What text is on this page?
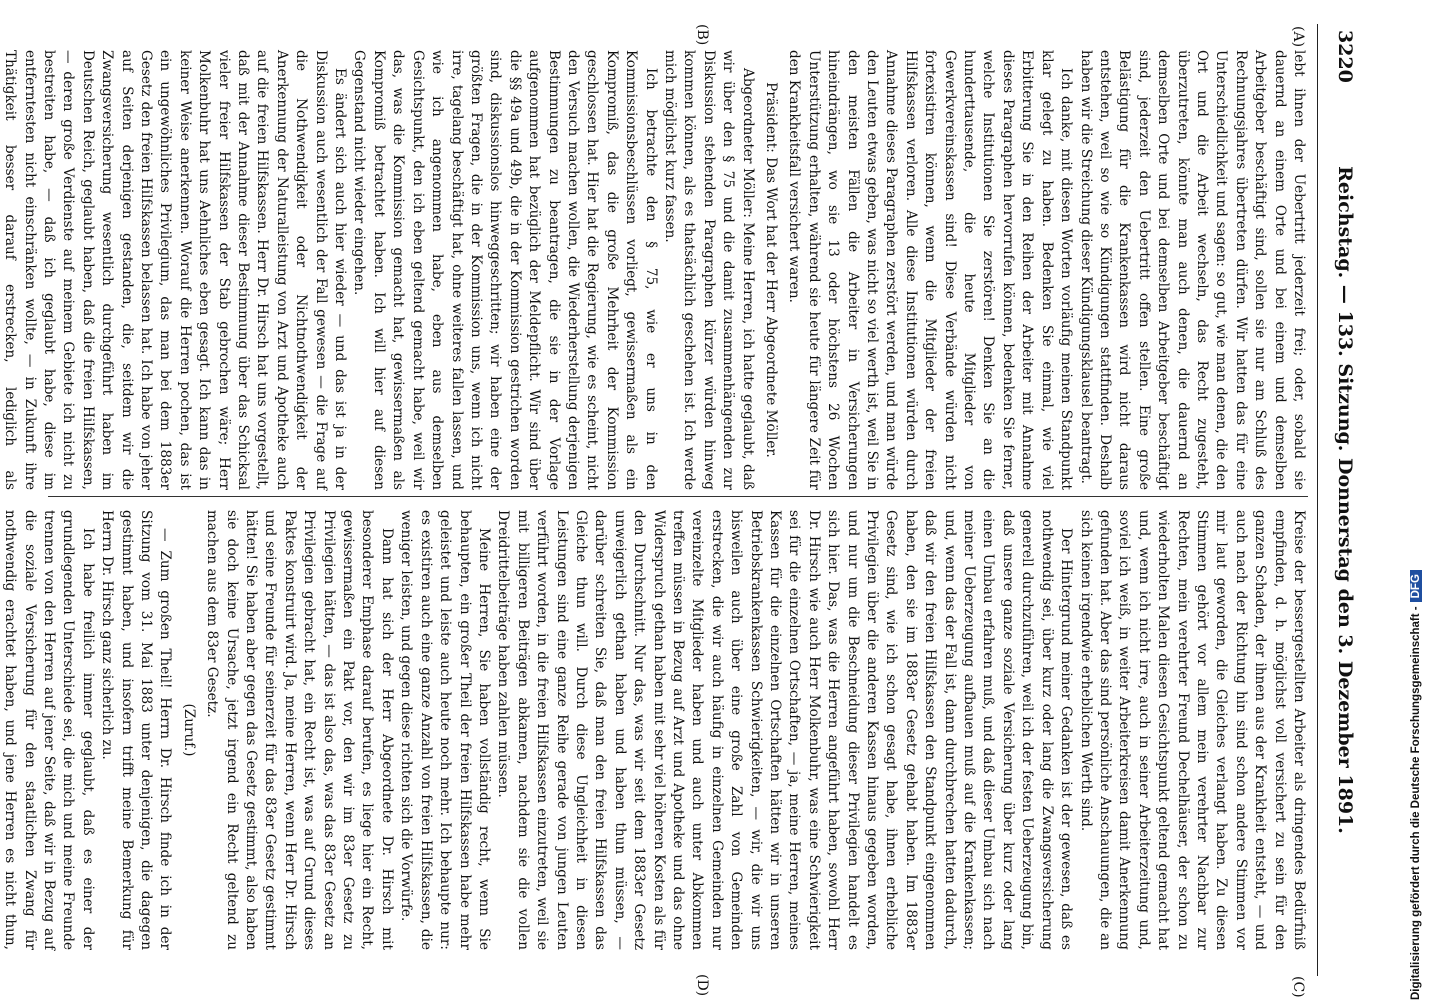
3220
Reichstag. — 133. Sitzung. Donnerstag den 3. Dezember 1891.
(A)
(B)
(C)
(D)

lebt ihnen der Uebertritt jederzeit frei; oder, sobald sie dauernd an einem Orte und bei einem und demselben Arbeitgeber beschäftigt sind, sollen sie nur am Schluß des Rechnungsjahres übertreten dürfen. Wir hatten das für eine Unterschiedlichkeit und sagen: so gut, wie man denen, die den Ort und die Arbeit wechseln, das Recht zugesteht, überzutreten, könnte man auch denen, die dauernd an demselben Orte und bei demselben Arbeitgeber beschäftigt sind, jederzeit den Uebertritt offen stellen. Eine große Belästigung für die Krankenkassen wird nicht daraus entstehen, weil so wie so Kündigungen stattfinden. Deshalb haben wir die Streichung dieser Kündigungsklausel beantragt.

Ich danke, mit diesen Worten vorläufig meinen Standpunkt klar gelegt zu haben. Bedenken Sie einmal, wie viel Erbitterung Sie in den Reihen der Arbeiter mit Annahme dieses Paragraphen hervorrufen können, bedenken Sie ferner, welche Institutionen Sie zerstören! Denken Sie an die hunderttausende, die heute Mitglieder von Gewerkvereinskassen sind! Diese Verbände würden nicht fortexistiren können, wenn die Mitglieder der freien Hilfskassen verloren. Alle diese Institutionen würden durch Annahme dieses Paragraphen zerstört werden, und man würde den Leuten etwas geben, was nicht so viel werth ist, weil Sie in den meisten Fällen die Arbeiter in Versicherungen hineindrängen, wo sie 13 oder höchstens 26 Wochen Unterstützung erhalten, während sie heute für längere Zeit für den Krankheitsfall versichert waren.

Präsident: Das Wort hat der Herr Abgeordnete Möller.

Abgeordneter Möller: Meine Herren, ich hatte geglaubt, daß wir über den § 75 und die damit zusammenhängenden zur Diskussion stehenden Paragraphen kürzer würden hinweg kommen können, als es thatsächlich geschehen ist. Ich werde mich möglichst kurz fassen.

Ich betrachte den § 75, wie er uns in den Kommissionsbeschlüssen vorliegt, gewissermaßen als ein Kompromiß, das die große Mehrheit der Kommission geschlossen hat. Hier hat die Regierung, wie es scheint, nicht den Versuch machen wollen, die Wiederherstellung derjenigen Bestimmungen zu beantragen, die sie in der Vorlage aufgenommen hat bezüglich der Meldepflicht. Wir sind über die §§ 49a und 49b, die in der Kommission gestrichen worden sind, diskussionslos hinweggeschritten; wir haben eine der größten Fragen, die in der Kommission uns, wenn ich nicht irre, tagelang beschäftigt hat, ohne weiteres fallen lassen, und wie ich angenommen habe, eben aus demselben Gesichtspunkt, den ich eben geltend gemacht habe, weil wir das, was die Kommission gemacht hat, gewissermaßen als Kompromiß betrachtet haben. Ich will hier auf diesen Gegenstand nicht wieder eingehen.

Es ändert sich auch hier wieder — und das ist ja in der Diskussion auch wesentlich der Fall gewesen — die Frage auf die Nothwendigkeit oder Nichtnothwendigkeit der Anerkennung der Naturalleistung von Arzt und Apotheke auch auf die freien Hilfskassen. Herr Dr. Hirsch hat uns vorgestellt, daß mit der Annahme dieser Bestimmung über das Schicksal vieler freier Hilfskassen der Stab gebrochen wäre; Herr Molkenbuhr hat uns Aehnliches eben gesagt. Ich kann das in keiner Weise anerkennen. Worauf die Herren pochen, das ist ein ungewöhnliches Privilegium, das man bei dem 1883er Gesetz den freien Hilfskassen belassen hat. Ich habe von jeher auf Seiten derjenigen gestanden, die, seitdem wir die Zwangsversicherung wesentlich durchgeführt haben im Deutschen Reich, geglaubt haben, daß die freien Hilfskassen, — deren große Verdienste auf meinem Gebiete ich nicht zu bestreiten habe, — daß ich geglaubt habe, diese im entferntesten nicht einschränken wollte, — in Zukunft ihre Thätigkeit besser darauf erstrecken, lediglich als

Kreise der bessergestellten Arbeiter als dringendes Bedürfniß empfinden, d. h. möglichst voll versichert zu sein für den ganzen Schaden, der ihnen aus der Krankheit entsteht, — und auch nach der Richtung hin sind schon andere Stimmen vor mir laut geworden, die Gleiches verlangt haben. Zu diesen Stimmen gehört vor allem mein verehrter Nachbar zur Rechten, mein verehrter Freund Dechelhäuser, der schon zu wiederholten Malen diesen Gesichtspunkt geltend gemacht hat und, wenn ich nicht irre, auch in seiner Arbeiterzeitung und, soviel ich weiß, in weiter Arbeiterkreisen damit Anerkennung gefunden hat. Aber das sind persönliche Anschauungen, die an sich keinen irgendwie erheblichen Werth sind.

Der Hintergrund meiner Gedanken ist der gewesen, daß es nothwendig sei, über kurz oder lang die Zwangsversicherung generell durchzuführen, weil ich der festen Ueberzeugung bin, daß unsere ganze soziale Versicherung über kurz oder lang einen Umbau erfahren muß, und daß dieser Umbau sich nach meiner Ueberzeugung aufbauen muß auf die Krankenkassen; und, wenn das der Fall ist, dann durchbrechen hatten dadurch, daß wir den freien Hilfskassen den Standpunkt eingenommen haben, den sie im 1883er Gesetz gehabt haben. Im 1883er Gesetz sind, wie ich schon gesagt habe, ihnen erhebliche Privilegien über die anderen Kassen hinaus gegeben worden, und nur um die Beschneidung dieser Privilegien handelt es sich hier. Das, was die Herren angeführt haben, sowohl Herr Dr. Hirsch wie auch Herr Molkenbuhr, was eine Schwierigkeit sei für die einzelnen Ortschaften, — ja, meine Herren, meines Kassen für die einzelnen Ortschaften hätten wir in unseren Betriebskrankenkassen Schwierigkeiten, — wir, die wir uns bisweilen auch über eine große Zahl von Gemeinden erstrecken, die wir auch häufig in einzelnen Gemeinden nur vereinzelte Mitglieder haben und auch unter Abkommen treffen müssen in Bezug auf Arzt und Apotheke und das ohne Widerspruch gethan haben mit sehr viel höheren Kosten als für den Durchschnitt. Nur das, was wir seit dem 1883er Gesetz unweigerlich gethan haben und haben thun müssen, — darüber schreiten Sie, daß man den freien Hilfskassen das Gleiche thun will. Durch diese Ungleichheit in diesen Leistungen sind eine ganze Reihe gerade von jungen Leuten verführt worden, in die freien Hilfskassen einzutreten, weil sie mit billigeren Beiträgen abkamen, nachdem sie die vollen Dreidrittelbeiträge haben zahlen müssen.

Meine Herren, Sie haben vollständig recht, wenn Sie behaupten, ein großer Theil der freien Hilfskassen habe mehr geleistet und leiste auch heute noch mehr. Ich behaupte nur: es existiren auch eine ganze Anzahl von freien Hilfskassen, die weniger leisten, und gegen diese richten sich die Vorwürfe.

Dann hat sich der Herr Abgeordnete Dr. Hirsch mit besonderer Emphase darauf berufen, es liege hier ein Recht, gewissermaßen ein Pakt vor, den wir im 83er Gesetz zu Privilegien hätten, — das ist also das, was das 83er Gesetz an Privilegien gebracht hat, ein Recht ist, was auf Grund dieses Paktes konstruirt wird. Ja, meine Herren, wenn Herr Dr. Hirsch und seine Freunde für seinerzeit für das 83er Gesetz gestimmt hätten! Sie haben aber gegen das Gesetz gestimmt, also haben sie doch keine Ursache, jetzt irgend ein Recht geltend zu machen aus dem 83er Gesetz.

(Zuruf.)

— Zum großen Theil! Herrn Dr. Hirsch finde ich in der Sitzung vom 31. Mai 1883 unter denjenigen, die dagegen gestimmt haben, und insofern trifft meine Bemerkung für Herrn Dr. Hirsch ganz sicherlich zu.

Ich habe freilich immer geglaubt, daß es einer der grundlegenden Unterschiede sei, die mich und meine Freunde trennen von den Herren auf jener Seite, daß wir in Bezug auf die soziale Versicherung für den staatlichen Zwang für nothwendig erachtet haben, und jene Herren es nicht thun,	Digitalisierung gefördert durch die Deutsche Forschungsgemeinschaft -DFG
